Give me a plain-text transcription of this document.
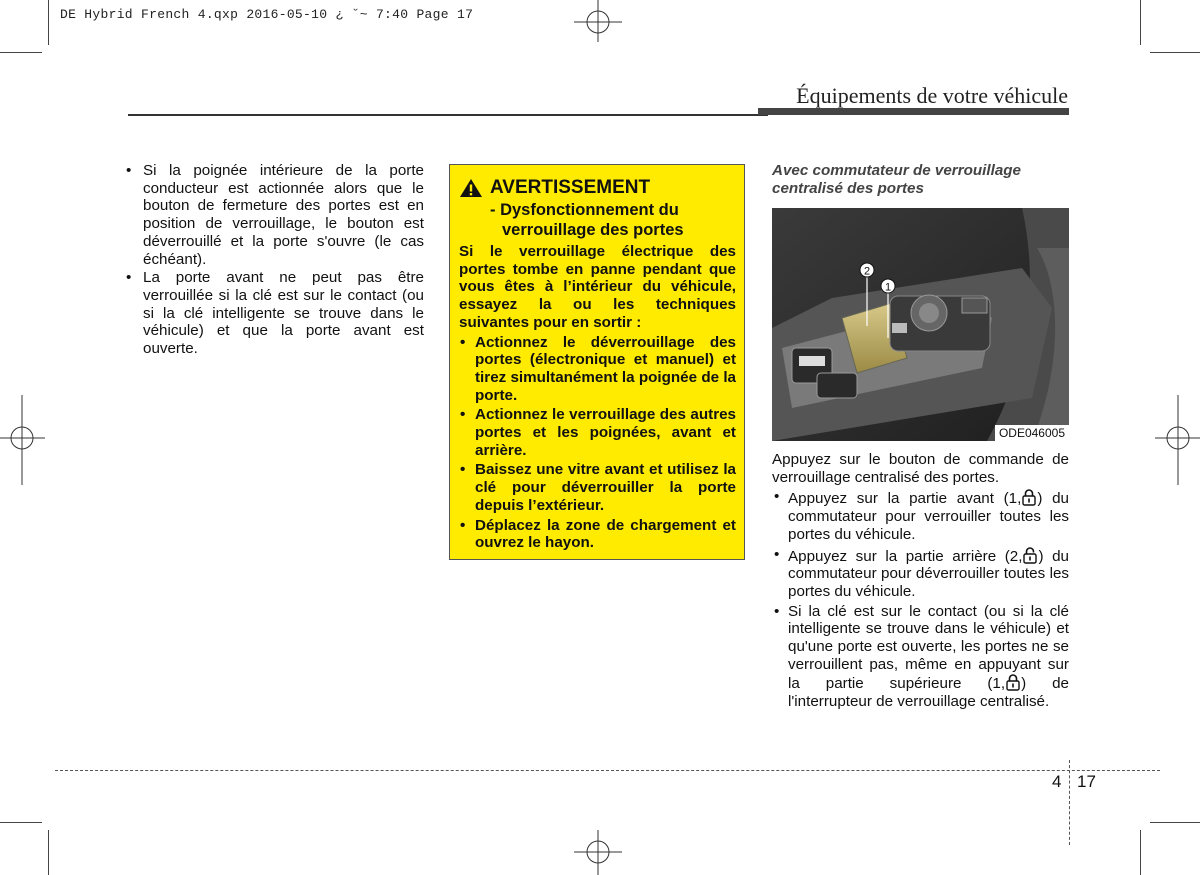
DE Hybrid French 4.qxp 2016-05-10 ¿ ˘~ 7:40 Page 17
Équipements de votre véhicule
• Si la poignée intérieure de la porte conducteur est actionnée alors que le bouton de fermeture des portes est en position de verrouillage, le bouton est déverrouillé et la porte s'ouvre (le cas échéant).
• La porte avant ne peut pas être verrouillée si la clé est sur le contact (ou si la clé intelligente se trouve dans le véhicule) et que la porte avant est ouverte.
AVERTISSEMENT
- Dysfonctionnement du
verrouillage des portes
Si le verrouillage électrique des portes tombe en panne pendant que vous êtes à l’intérieur du véhicule, essayez la ou les techniques suivantes pour en sortir :
• Actionnez le déverrouillage des portes (électronique et manuel) et tirez simultanément la poignée de la porte.
• Actionnez le verrouillage des autres portes et les poignées, avant et arrière.
• Baissez une vitre avant et utilisez la clé pour déverrouiller la porte depuis l’extérieur.
• Déplacez la zone de chargement et ouvrez le hayon.
Avec commutateur de verrouillage centralisé des portes
2
1
ODE046005
Appuyez sur le bouton de commande de verrouillage centralisé des portes.
• Appuyez sur la partie avant (1, ) du commutateur pour verrouiller toutes les portes du véhicule.
• Appuyez sur la partie arrière (2, ) du commutateur pour déverrouiller toutes les portes du véhicule.
• Si la clé est sur le contact (ou si la clé intelligente se trouve dans le véhicule) et qu'une porte est ouverte, les portes ne se verrouillent pas, même en appuyant sur la partie supérieure (1, ) de l'interrupteur de verrouillage centralisé.
4 17
